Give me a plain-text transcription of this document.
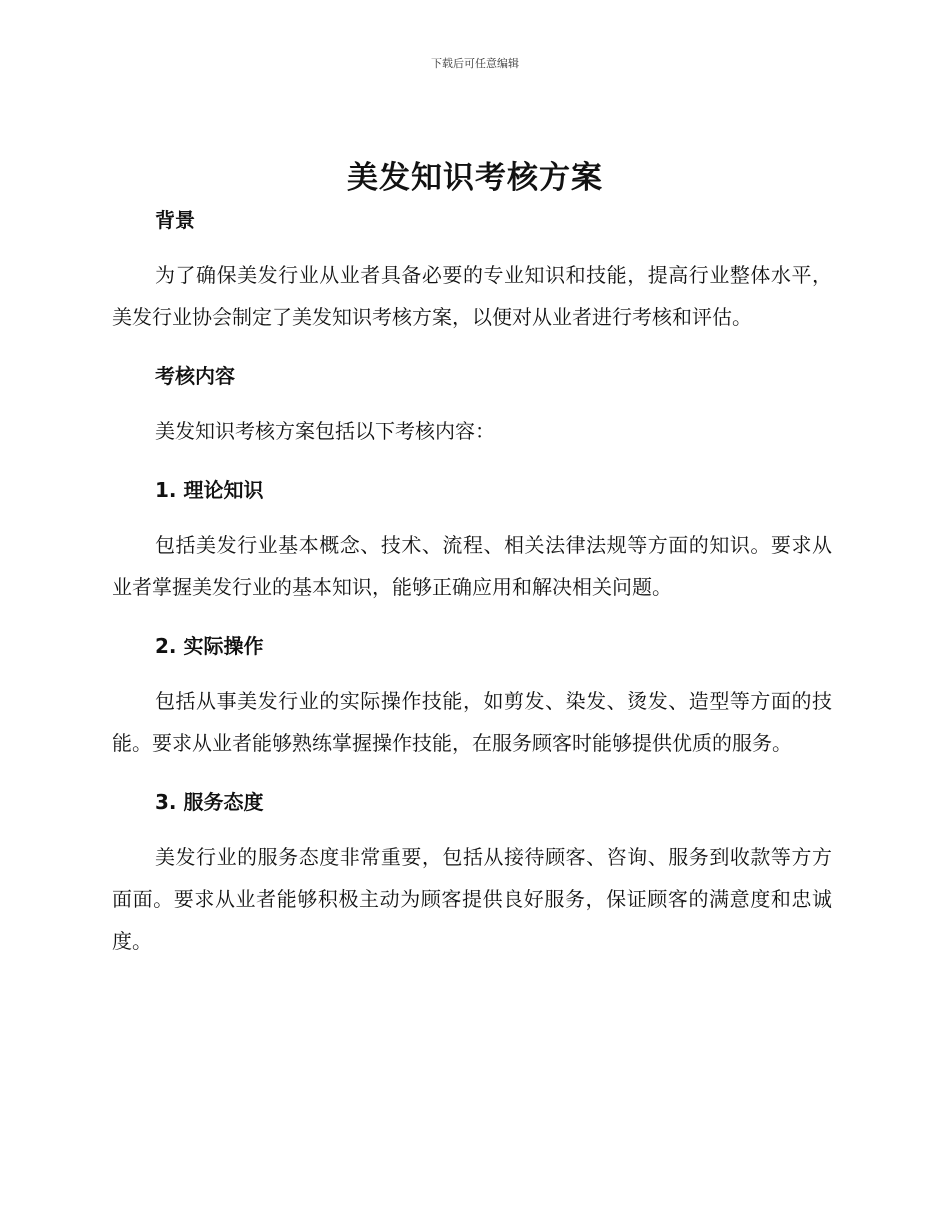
下载后可任意编辑
美发知识考核方案
背景

为了确保美发行业从业者具备必要的专业知识和技能，提高行业整体水平，美发行业协会制定了美发知识考核方案，以便对从业者进行考核和评估。

考核内容

美发知识考核方案包括以下考核内容：

1. 理论知识

包括美发行业基本概念、技术、流程、相关法律法规等方面的知识。要求从业者掌握美发行业的基本知识，能够正确应用和解决相关问题。

2. 实际操作

包括从事美发行业的实际操作技能，如剪发、染发、烫发、造型等方面的技能。要求从业者能够熟练掌握操作技能，在服务顾客时能够提供优质的服务。

3. 服务态度

美发行业的服务态度非常重要，包括从接待顾客、咨询、服务到收款等方方面面。要求从业者能够积极主动为顾客提供良好服务，保证顾客的满意度和忠诚度。
